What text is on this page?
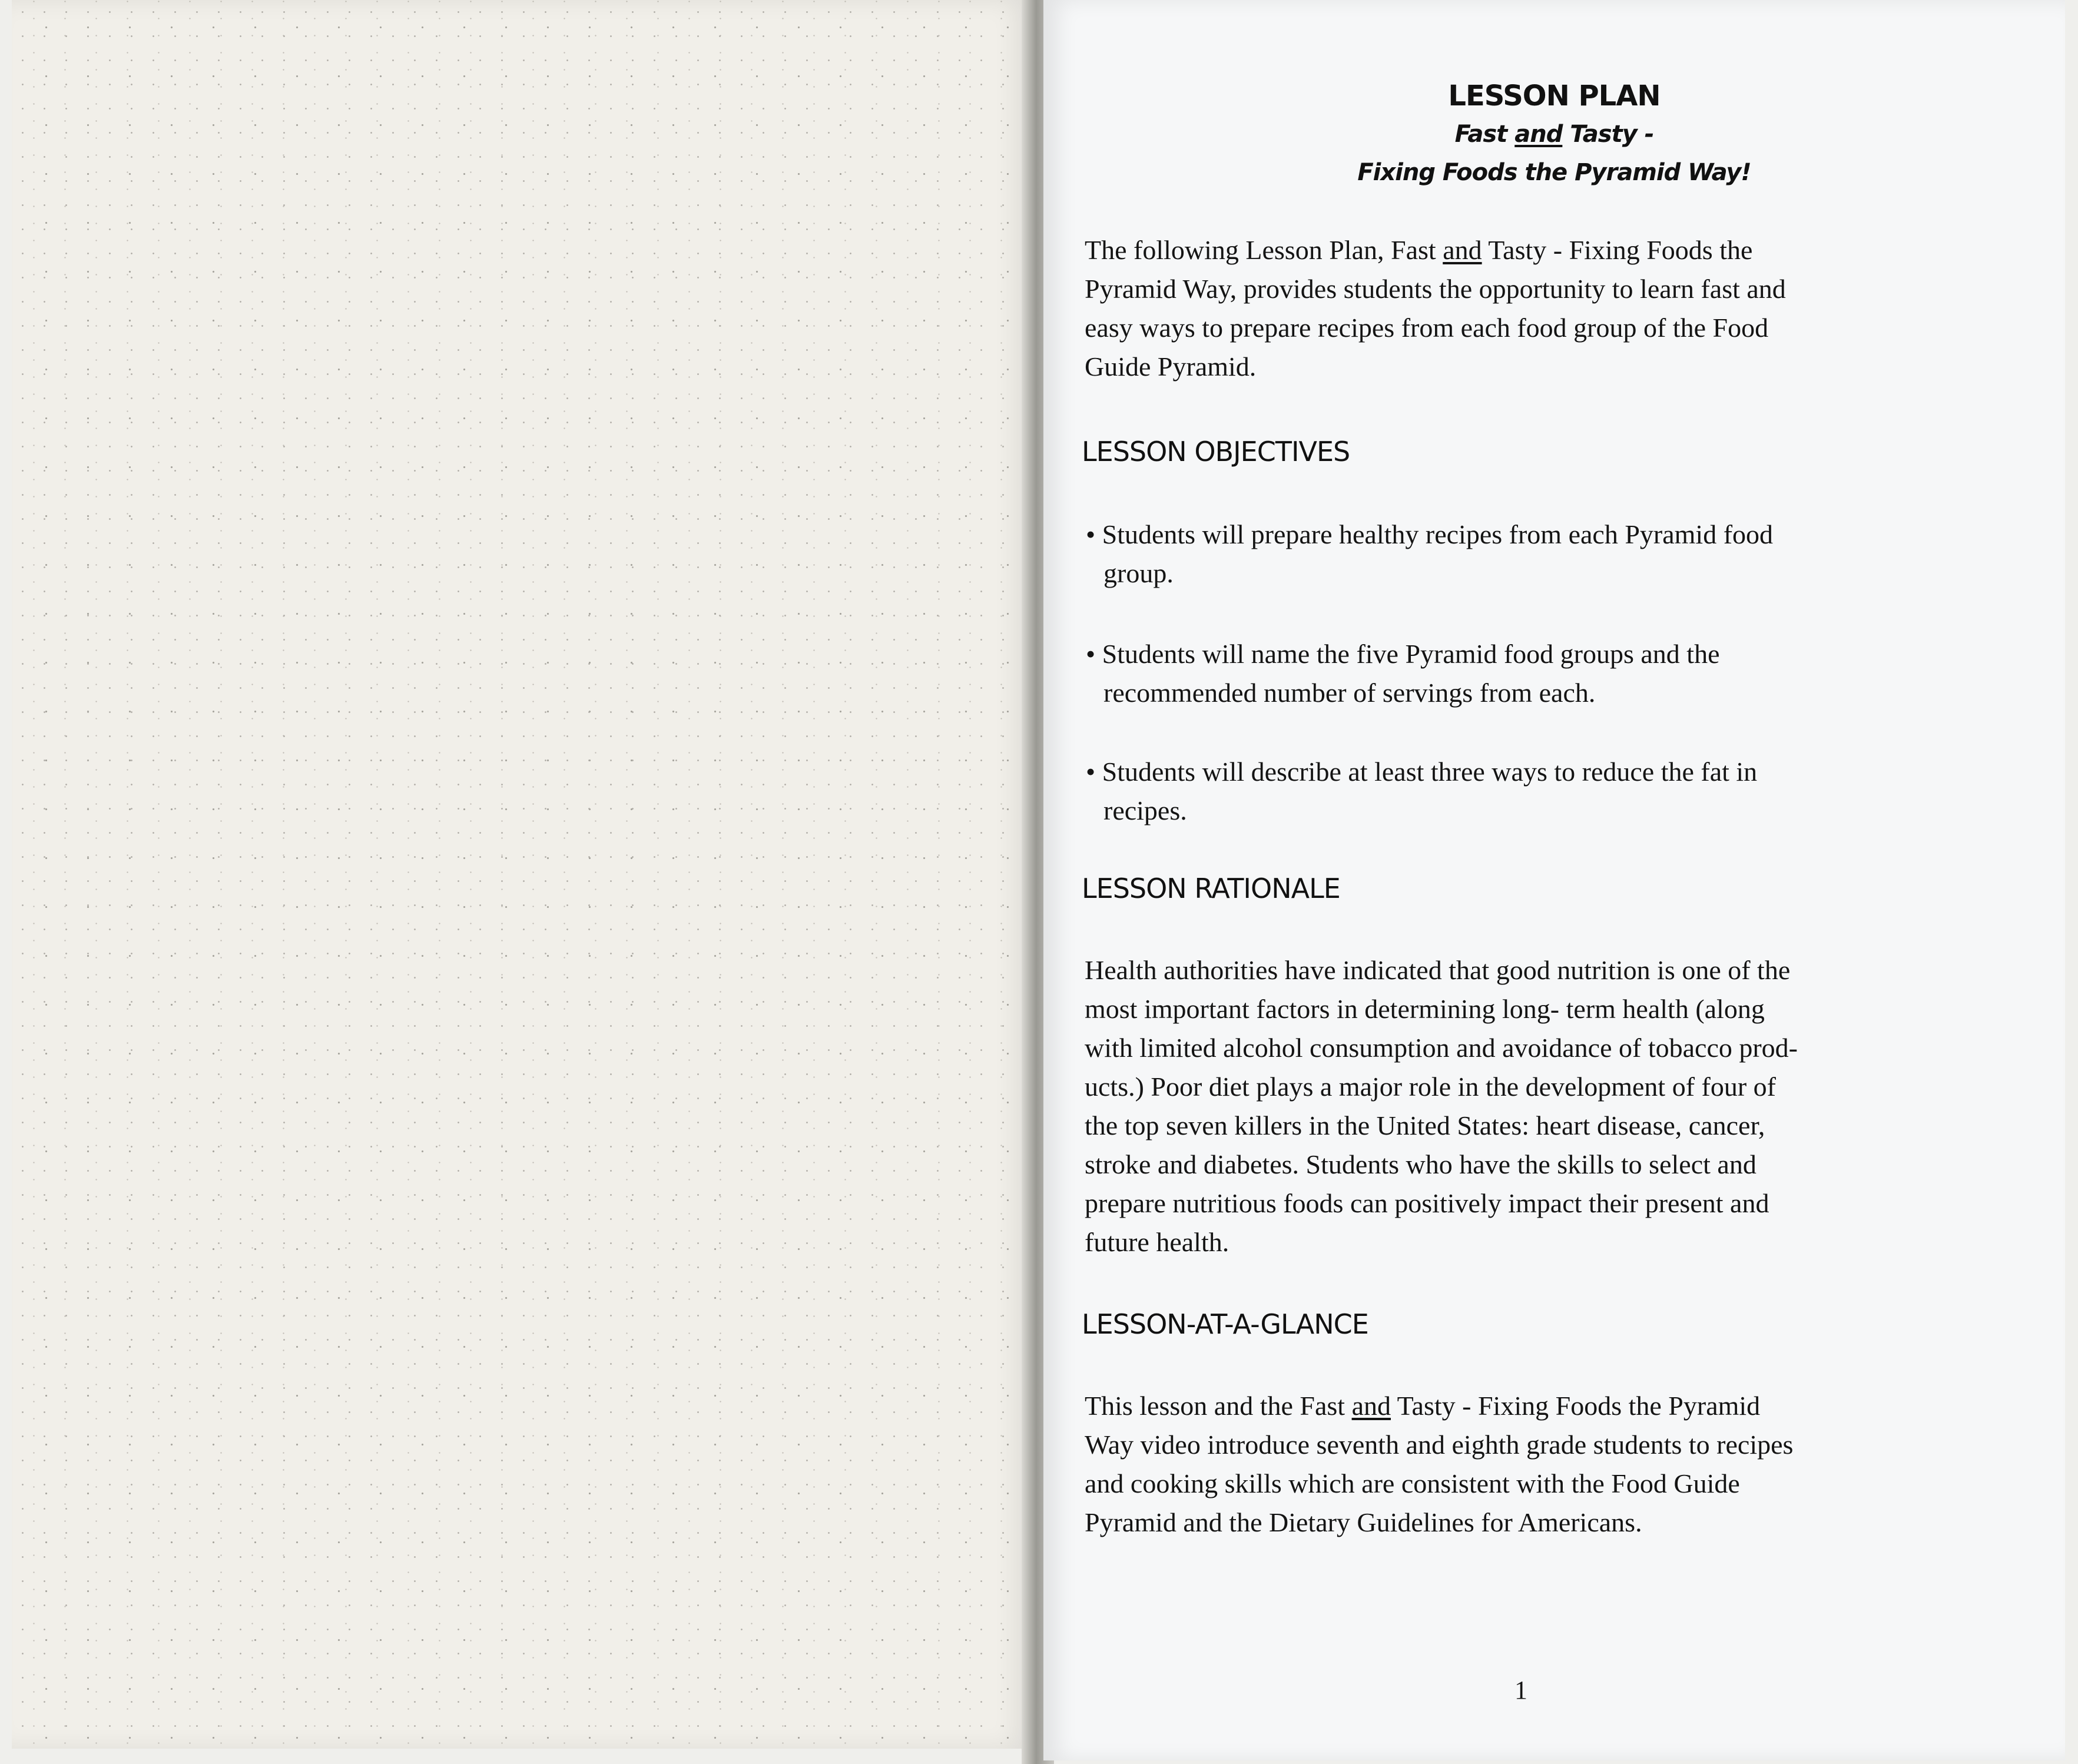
LESSON PLAN
Fast and Tasty -
Fixing Foods the Pyramid Way!
The following Lesson Plan, Fast and Tasty - Fixing Foods the
Pyramid Way, provides students the opportunity to learn fast and
easy ways to prepare recipes from each food group of the Food
Guide Pyramid.
LESSON OBJECTIVES
• Students will prepare healthy recipes from each Pyramid food
group.
• Students will name the five Pyramid food groups and the
recommended number of servings from each.
• Students will describe at least three ways to reduce the fat in
recipes.
LESSON RATIONALE
Health authorities have indicated that good nutrition is one of the
most important factors in determining long- term health (along
with limited alcohol consumption and avoidance of tobacco prod-
ucts.) Poor diet plays a major role in the development of four of
the top seven killers in the United States: heart disease, cancer,
stroke and diabetes. Students who have the skills to select and
prepare nutritious foods can positively impact their present and
future health.
LESSON-AT-A-GLANCE
This lesson and the Fast and Tasty - Fixing Foods the Pyramid
Way video introduce seventh and eighth grade students to recipes
and cooking skills which are consistent with the Food Guide
Pyramid and the Dietary Guidelines for Americans.
1
